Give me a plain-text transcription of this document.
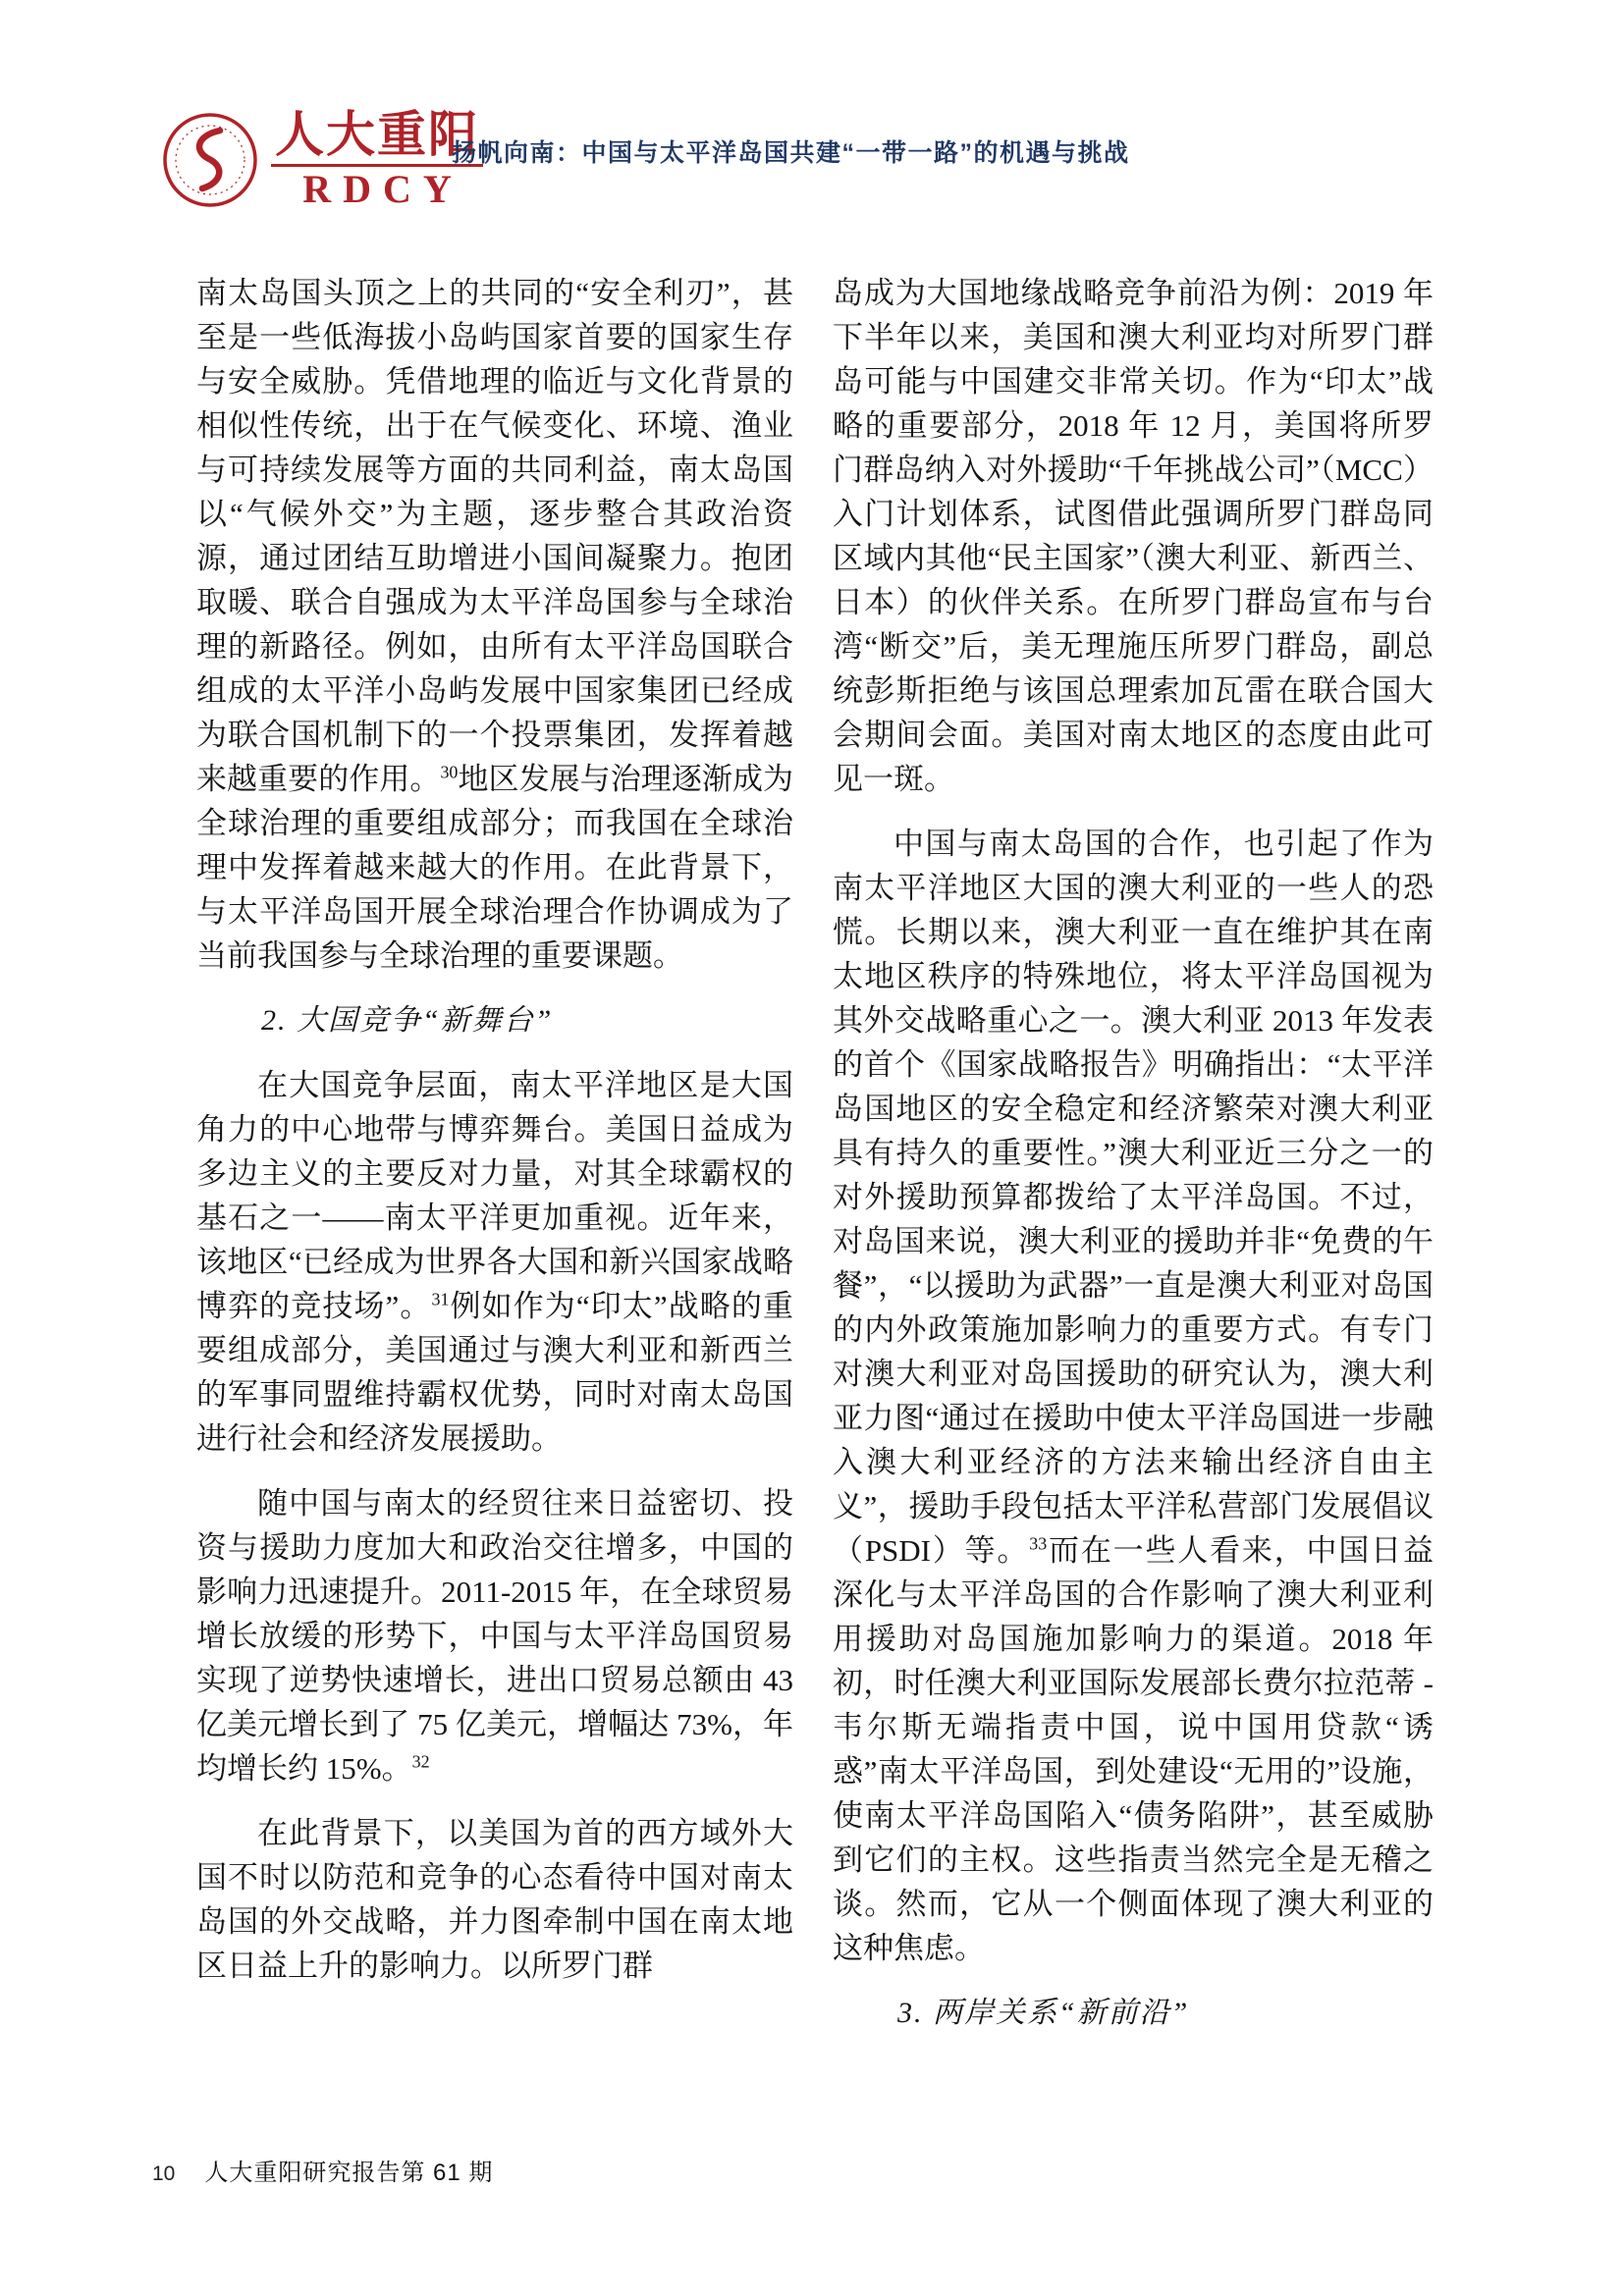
人大重阳
RDCY
扬帆向南：中国与太平洋岛国共建“一带一路”的机遇与挑战

南太岛国头顶之上的共同的“安全利刃”，甚至是一些低海拔小岛屿国家首要的国家生存与安全威胁。凭借地理的临近与文化背景的相似性传统，出于在气候变化、环境、渔业与可持续发展等方面的共同利益，南太岛国以“气候外交”为主题，逐步整合其政治资源，通过团结互助增进小国间凝聚力。抱团取暖、联合自强成为太平洋岛国参与全球治理的新路径。例如，由所有太平洋岛国联合组成的太平洋小岛屿发展中国家集团已经成为联合国机制下的一个投票集团，发挥着越来越重要的作用。$^{30}$地区发展与治理逐渐成为全球治理的重要组成部分；而我国在全球治理中发挥着越来越大的作用。在此背景下，与太平洋岛国开展全球治理合作协调成为了当前我国参与全球治理的重要课题。

2. 大国竞争“新舞台”

在大国竞争层面，南太平洋地区是大国角力的中心地带与博弈舞台。美国日益成为多边主义的主要反对力量，对其全球霸权的基石之一——南太平洋更加重视。近年来，该地区“已经成为世界各大国和新兴国家战略博弈的竞技场”。$^{31}$例如作为“印太”战略的重要组成部分，美国通过与澳大利亚和新西兰的军事同盟维持霸权优势，同时对南太岛国进行社会和经济发展援助。

随中国与南太的经贸往来日益密切、投资与援助力度加大和政治交往增多，中国的影响力迅速提升。2011-2015 年，在全球贸易增长放缓的形势下，中国与太平洋岛国贸易实现了逆势快速增长，进出口贸易总额由 43 亿美元增长到了 75 亿美元，增幅达 73%，年均增长约 15%。$^{32}$

在此背景下，以美国为首的西方域外大国不时以防范和竞争的心态看待中国对南太岛国的外交战略，并力图牵制中国在南太地区日益上升的影响力。以所罗门群

岛成为大国地缘战略竞争前沿为例：2019 年下半年以来，美国和澳大利亚均对所罗门群岛可能与中国建交非常关切。作为“印太”战略的重要部分，2018 年 12 月，美国将所罗门群岛纳入对外援助“千年挑战公司”（MCC）入门计划体系，试图借此强调所罗门群岛同区域内其他“民主国家”（澳大利亚、新西兰、日本）的伙伴关系。在所罗门群岛宣布与台湾“断交”后，美无理施压所罗门群岛，副总统彭斯拒绝与该国总理索加瓦雷在联合国大会期间会面。美国对南太地区的态度由此可见一斑。

中国与南太岛国的合作，也引起了作为南太平洋地区大国的澳大利亚的一些人的恐慌。长期以来，澳大利亚一直在维护其在南太地区秩序的特殊地位，将太平洋岛国视为其外交战略重心之一。澳大利亚 2013 年发表的首个《国家战略报告》明确指出：“太平洋岛国地区的安全稳定和经济繁荣对澳大利亚具有持久的重要性。”澳大利亚近三分之一的对外援助预算都拨给了太平洋岛国。不过，对岛国来说，澳大利亚的援助并非“免费的午餐”，“以援助为武器”一直是澳大利亚对岛国的内外政策施加影响力的重要方式。有专门对澳大利亚对岛国援助的研究认为，澳大利亚力图“通过在援助中使太平洋岛国进一步融入澳大利亚经济的方法来输出经济自由主义”，援助手段包括太平洋私营部门发展倡议（PSDI）等。$^{33}$而在一些人看来，中国日益深化与太平洋岛国的合作影响了澳大利亚利用援助对岛国施加影响力的渠道。2018 年初，时任澳大利亚国际发展部长费尔拉范蒂 - 韦尔斯无端指责中国，说中国用贷款“诱惑”南太平洋岛国，到处建设“无用的”设施，使南太平洋岛国陷入“债务陷阱”，甚至威胁到它们的主权。这些指责当然完全是无稽之谈。然而，它从一个侧面体现了澳大利亚的这种焦虑。

3. 两岸关系“新前沿”
10 人大重阳研究报告第 61 期
